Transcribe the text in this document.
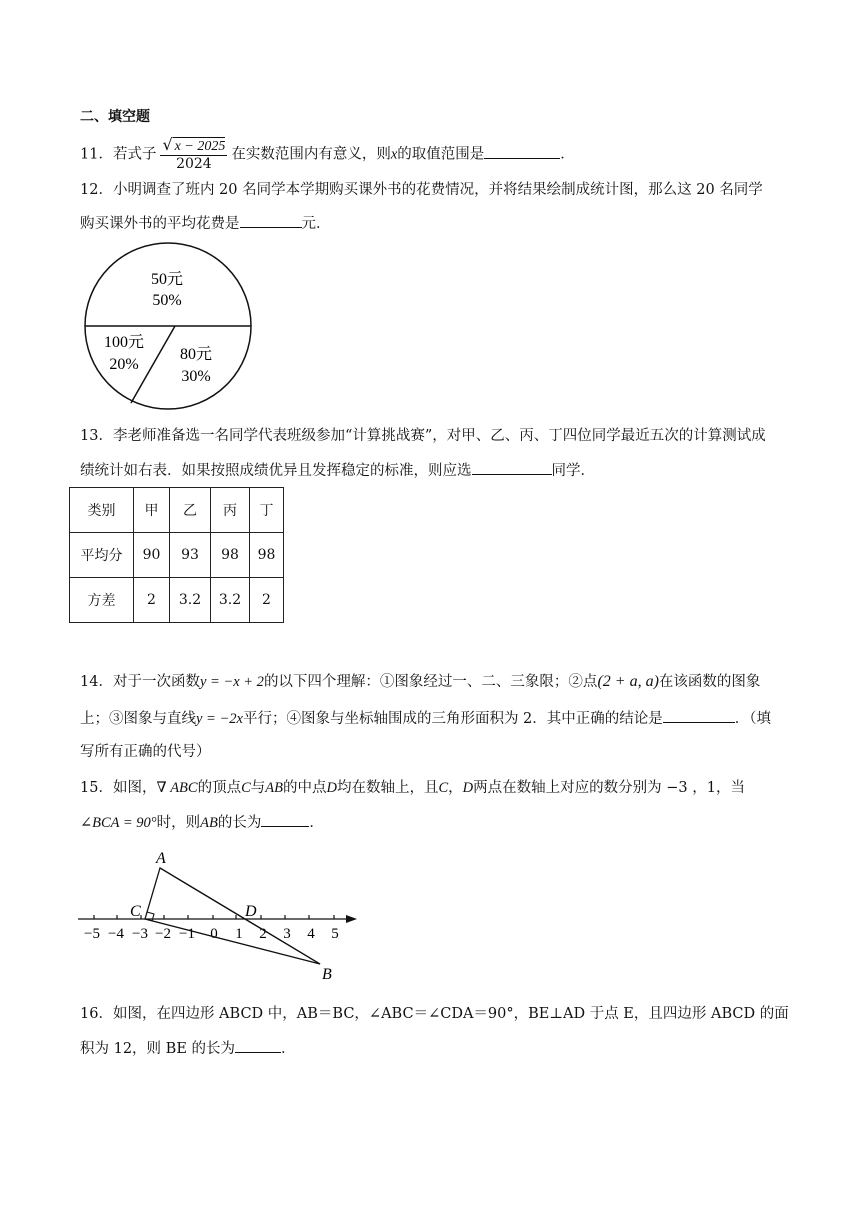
二、填空题
11．若式子 $\frac{√ x - 2025}{2024}$ 在实数范围内有意义，则x的取值范围是	．
12．小明调查了班内 20 名同学本学期购买课外书的花费情况，并将结果绘制成统计图，那么这 20 名同学
购买课外书的平均花费是	元．
50元
50%
100元
20%
80元
30%
13．李老师准备选一名同学代表班级参加“计算挑战赛”，对甲、乙、丙、丁四位同学最近五次的计算测试成
绩统计如右表．如果按照成绩优异且发挥稳定的标准，则应选	同学．
类别	甲	乙	丙	丁
平均分	90	93	98	98
方差	2	3.2	3.2	2
14．对于一次函数y = −x + 2的以下四个理解：①图象经过一、二、三象限；②点(2 + a, a)在该函数的图象
上；③图象与直线y = −2x平行；④图象与坐标轴围成的三角形面积为 2．其中正确的结论是	．（填
写所有正确的代号）
15．如图，∇ ABC的顶点C与AB的中点D均在数轴上，且C，D两点在数轴上对应的数分别为 −3 ，1，当
∠BCA = 90°时，则AB的长为	．
−5 −4 −3 −2 −1 0 1 2 3 4 5
A
C	D
B
16．如图，在四边形 ABCD 中，AB＝BC，∠ABC＝∠CDA＝90°，BE⊥AD 于点 E，且四边形 ABCD 的面
积为 12，则 BE 的长为	．
